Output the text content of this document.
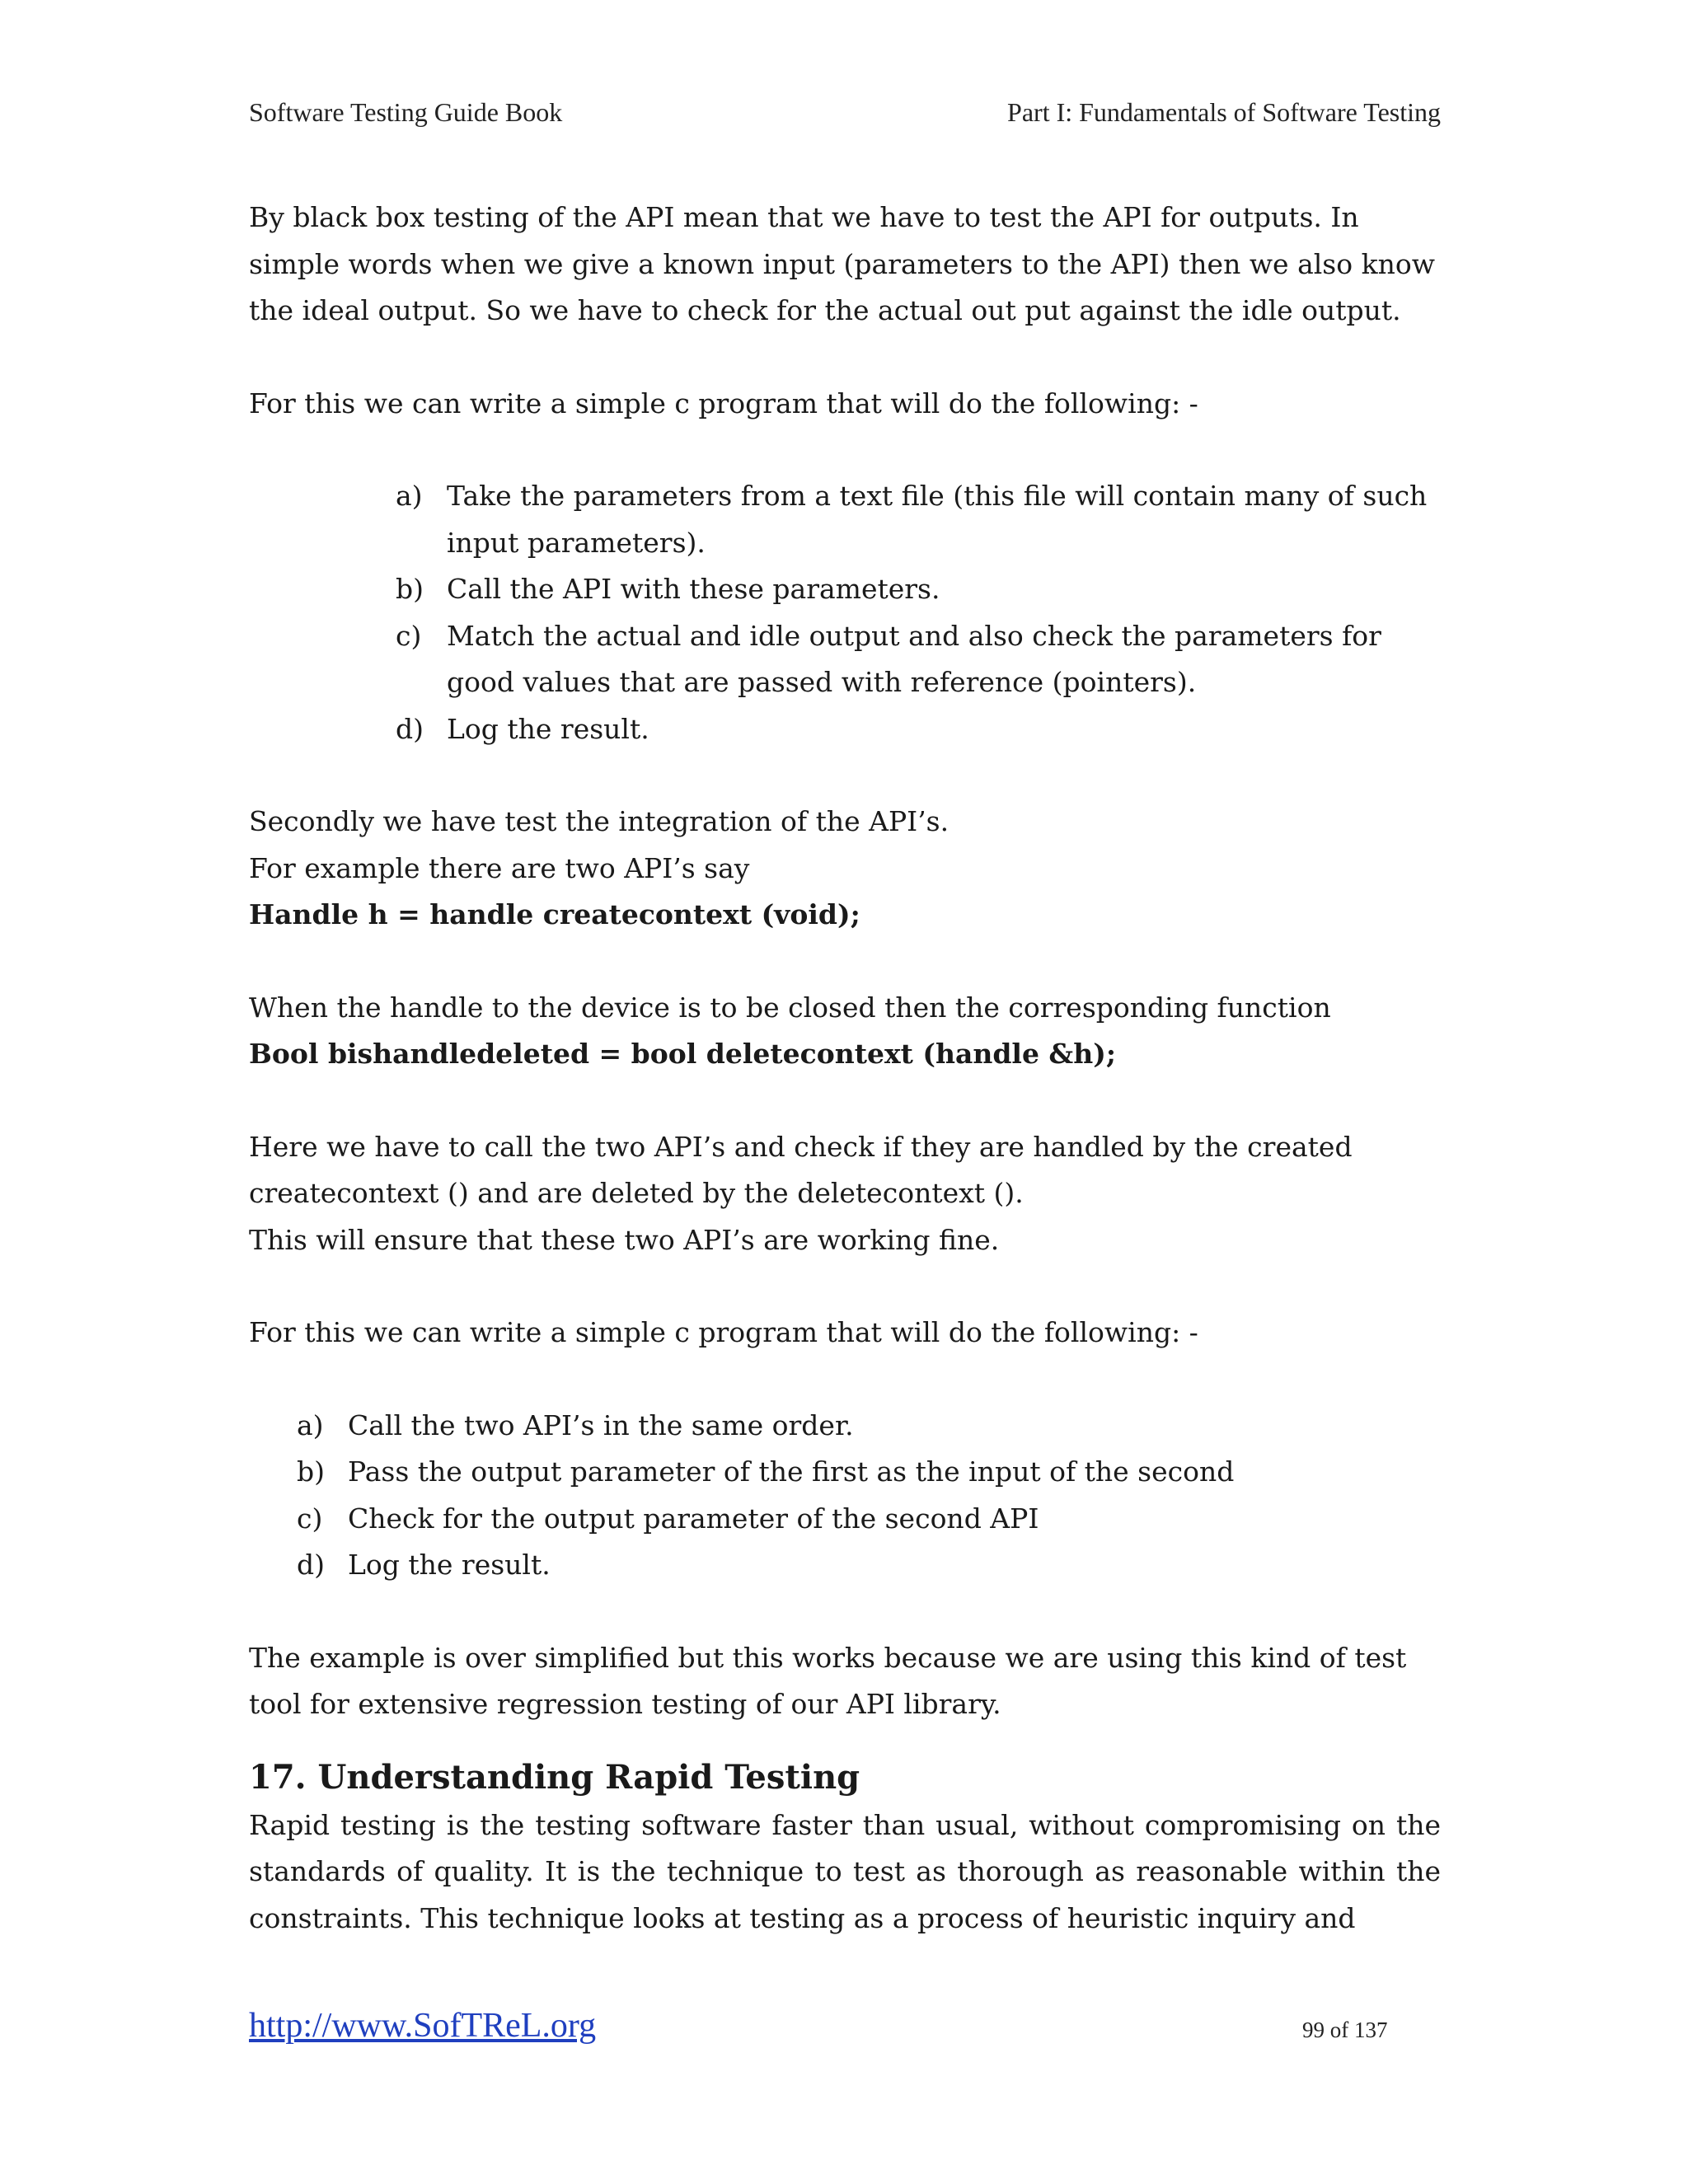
Software Testing Guide Book	Part I: Fundamentals of Software Testing

By black box testing of the API mean that we have to test the API for outputs. In simple words when we give a known input (parameters to the API) then we also know the ideal output. So we have to check for the actual out put against the idle output.

For this we can write a simple c program that will do the following: -

a) Take the parameters from a text file (this file will contain many of such input parameters).
b) Call the API with these parameters.
c) Match the actual and idle output and also check the parameters for good values that are passed with reference (pointers).
d) Log the result.

Secondly we have test the integration of the API’s.

For example there are two API’s say

Handle h = handle createcontext (void);

When the handle to the device is to be closed then the corresponding function

Bool bishandledeleted = bool deletecontext (handle &h);

Here we have to call the two API’s and check if they are handled by the created createcontext () and are deleted by the deletecontext ().

This will ensure that these two API’s are working fine.

For this we can write a simple c program that will do the following: -

a) Call the two API’s in the same order.
b) Pass the output parameter of the first as the input of the second
c) Check for the output parameter of the second API
d) Log the result.

The example is over simplified but this works because we are using this kind of test tool for extensive regression testing of our API library.

17. Understanding Rapid Testing

Rapid testing is the testing software faster than usual, without compromising on the standards of quality. It is the technique to test as thorough as reasonable within the constraints. This technique looks at testing as a process of heuristic inquiry and

http://www.SofTReL.org	99 of 137
